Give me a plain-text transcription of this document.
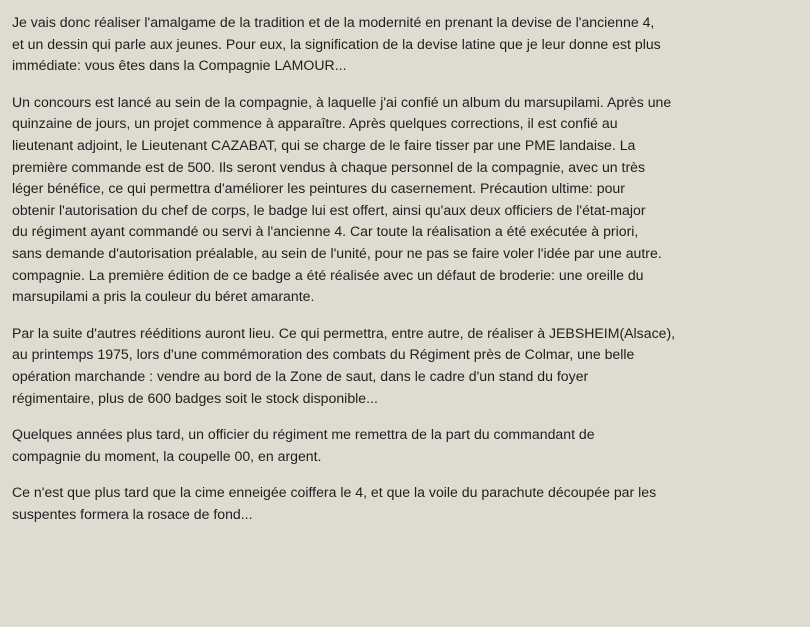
Je vais donc réaliser l'amalgame de la tradition et de la modernité en prenant la devise de l'ancienne 4,
et un dessin qui parle aux jeunes. Pour eux, la signification de la devise latine que je leur donne est plus
immédiate: vous êtes dans la Compagnie LAMOUR...
Un concours est lancé au sein de la compagnie, à laquelle j'ai confié un album du marsupilami. Après une
quinzaine de jours, un projet commence à apparaître. Après quelques corrections, il est confié au
lieutenant adjoint, le Lieutenant CAZABAT, qui se charge de le faire tisser par une PME landaise. La
première commande est de 500. Ils seront vendus à chaque personnel de la compagnie, avec un très
léger bénéfice, ce qui permettra d'améliorer les peintures du casernement. Précaution ultime: pour
obtenir l'autorisation du chef de corps, le badge lui est offert, ainsi qu'aux deux officiers de l'état-major
du régiment ayant commandé ou servi à l'ancienne 4. Car toute la réalisation a été exécutée à priori,
sans demande d'autorisation préalable, au sein de l'unité, pour ne pas se faire voler l'idée par une autre.
compagnie. La première édition de ce badge a été réalisée avec un défaut de broderie: une oreille du
marsupilami a pris la couleur du béret amarante.
Par la suite d'autres rééditions auront lieu. Ce qui permettra, entre autre, de réaliser à JEBSHEIM(Alsace),
au printemps 1975, lors d'une commémoration des combats du Régiment près de Colmar, une belle
opération marchande : vendre au bord de la Zone de saut, dans le cadre d'un stand du foyer
régimentaire, plus de 600 badges soit le stock disponible...
Quelques années plus tard, un officier du régiment me remettra de la part du commandant de
compagnie du moment, la coupelle 00, en argent.
Ce n'est que plus tard que la cime enneigée coiffera le 4, et que la voile du parachute découpée par les
suspentes formera la rosace de fond...
